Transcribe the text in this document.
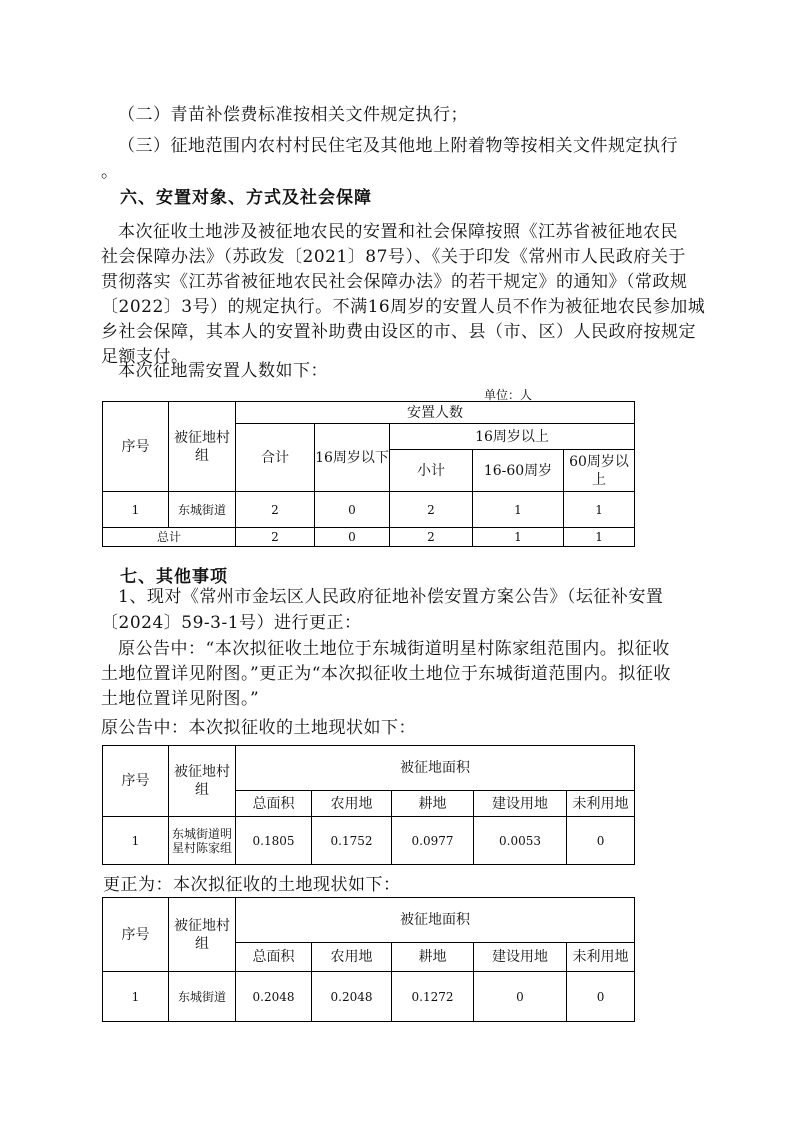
（二）青苗补偿费标准按相关文件规定执行；

（三）征地范围内农村村民住宅及其他地上附着物等按相关文件规定执行

。

六、安置对象、方式及社会保障

本次征收土地涉及被征地农民的安置和社会保障按照《江苏省被征地农民

社会保障办法》（苏政发〔2021〕87号）、《关于印发《常州市人民政府关于

贯彻落实《江苏省被征地农民社会保障办法》的若干规定》的通知》（常政规

〔2022〕3号）的规定执行。不满16周岁的安置人员不作为被征地农民参加城

乡社会保障，其本人的安置补助费由设区的市、县（市、区）人民政府按规定

足额支付。

本次征地需安置人数如下：

单位：人
序号	被征地村组	安置人数				
		合计	16周岁以下	16周岁以上		
				小计	16-60周岁	60周岁以上
1	东城街道	2	0	2	1	1
总计		2	0	2	1	1
七、其他事项

1、现对《常州市金坛区人民政府征地补偿安置方案公告》（坛征补安置

〔2024〕59-3-1号）进行更正：

原公告中：“本次拟征收土地位于东城街道明星村陈家组范围内。拟征收

土地位置详见附图。”更正为“本次拟征收土地位于东城街道范围内。拟征收

土地位置详见附图。”

原公告中：本次拟征收的土地现状如下：

序号	被征地村组	被征地面积				
		总面积	农用地	耕地	建设用地	未利用地
1	东城街道明星村陈家组	0.1805	0.1752	0.0977	0.0053	0

更正为：本次拟征收的土地现状如下：

序号	被征地村组	被征地面积				
		总面积	农用地	耕地	建设用地	未利用地
1	东城街道	0.2048	0.2048	0.1272	0	0
